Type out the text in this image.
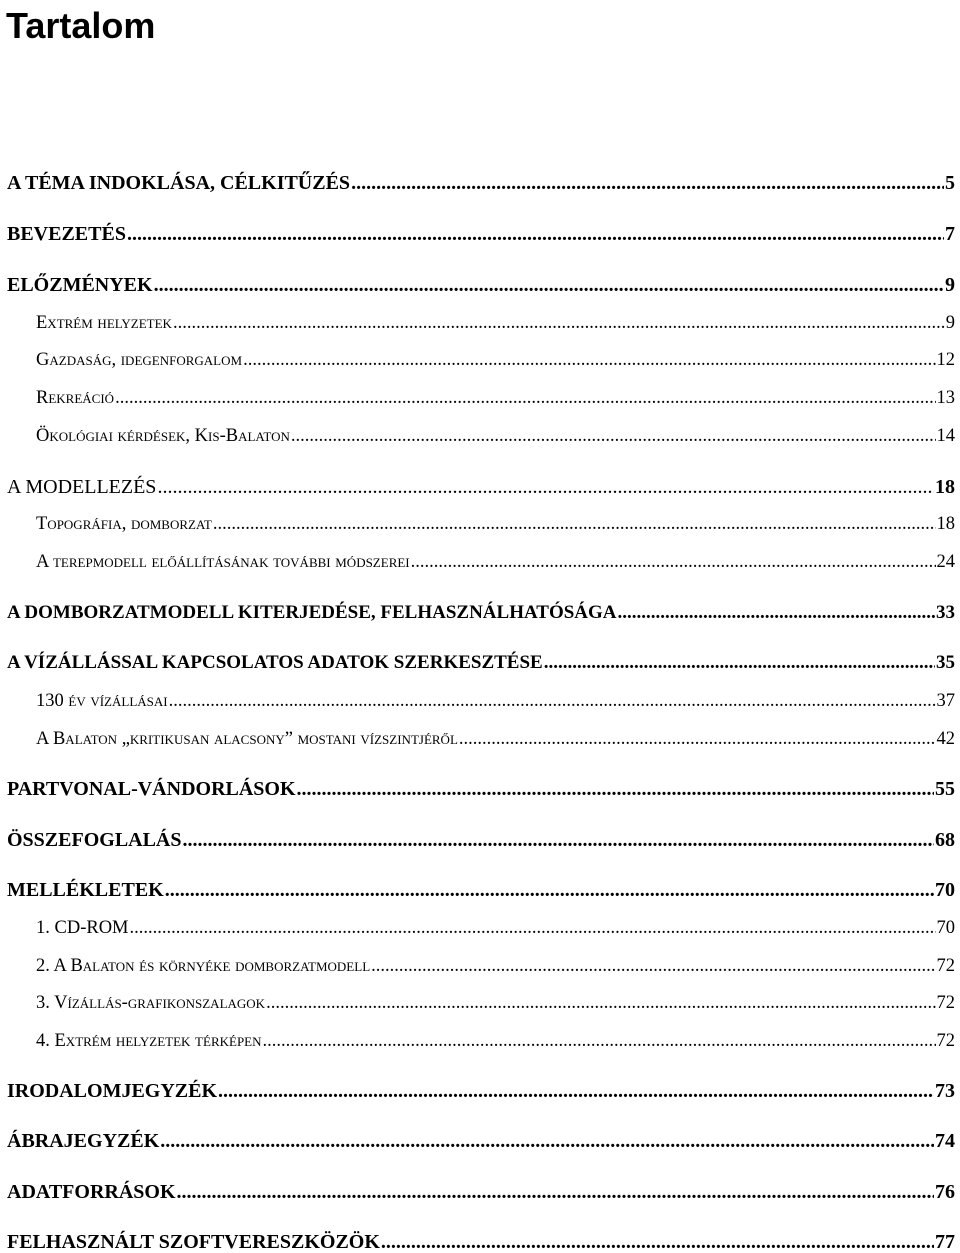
Tartalom
A TÉMA INDOKLÁSA, CÉLKITŰZÉS .....	5
BEVEZETÉS .....	7
ELŐZMÉNYEK .....	9
Extrém helyzetek .....	9
Gazdaság, idegenforgalom .....	12
Rekreáció .....	13
Ökológiai kérdések, Kis-Balaton .....	14
A MODELLEZÉS .....	18
Topográfia, domborzat .....	18
A terepmodell előállításának további módszerei .....	24
A DOMBORZATMODELL KITERJEDÉSE, FELHASZNÁLHATÓSÁGA .....	33
A VÍZÁLLÁSSAL KAPCSOLATOS ADATOK SZERKESZTÉSE .....	35
130 év vízállásai .....	37
A Balaton „kritikusan alacsony” mostani vízszintjéről .....	42
PARTVONAL-VÁNDORLÁSOK .....	55
ÖSSZEFOGLALÁS .....	68
MELLÉKLETEK .....	70
1. CD-ROM .....	70
2. A Balaton és környéke domborzatmodell .....	72
3. Vízállás-grafikonszalagok .....	72
4. Extrém helyzetek térképen .....	72
IRODALOMJEGYZÉK .....	73
ÁBRAJEGYZÉK .....	74
ADATFORRÁSOK .....	76
FELHASZNÁLT SZOFTVERESZKÖZÖK .....	77
